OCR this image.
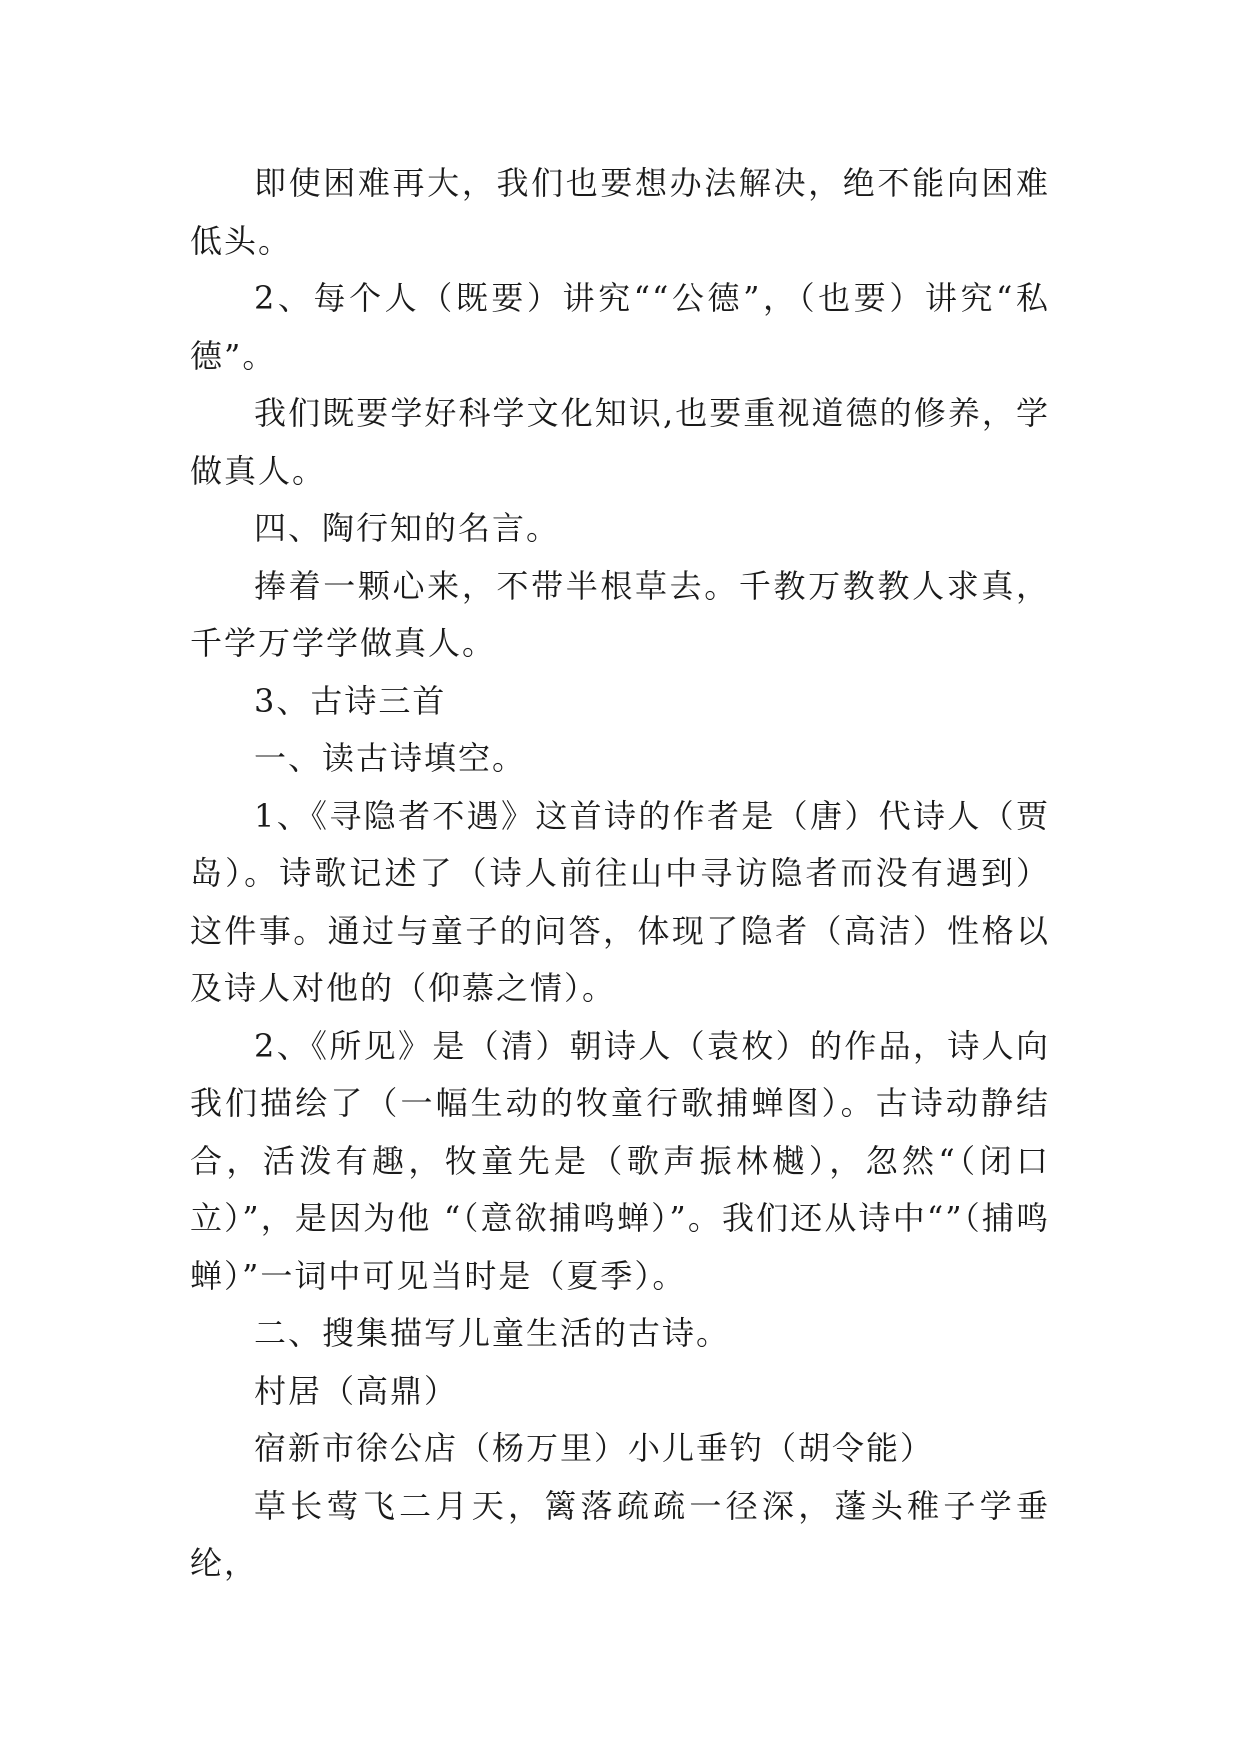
即使困难再大，我们也要想办法解决，绝不能向困难低头。

2、每个人（既要）讲究““公德”，（也要）讲究“私德”。

我们既要学好科学文化知识,也要重视道德的修养，学做真人。

四、陶行知的名言。

捧着一颗心来，不带半根草去。千教万教教人求真，千学万学学做真人。

3、古诗三首

一、读古诗填空。

1、《寻隐者不遇》这首诗的作者是（唐）代诗人（贾岛）。诗歌记述了（诗人前往山中寻访隐者而没有遇到）这件事。通过与童子的问答，体现了隐者（高洁）性格以及诗人对他的（仰慕之情）。

2、《所见》是（清）朝诗人（袁枚）的作品，诗人向我们描绘了（一幅生动的牧童行歌捕蝉图）。古诗动静结合，活泼有趣，牧童先是（歌声振林樾），忽然“（闭口立）”，是因为他 “（意欲捕鸣蝉）”。我们还从诗中“”（捕鸣蝉）”一词中可见当时是（夏季）。

二、搜集描写儿童生活的古诗。

村居（高鼎）

宿新市徐公店（杨万里）小儿垂钓（胡令能）

草长莺飞二月天，篱落疏疏一径深，蓬头稚子学垂纶，
